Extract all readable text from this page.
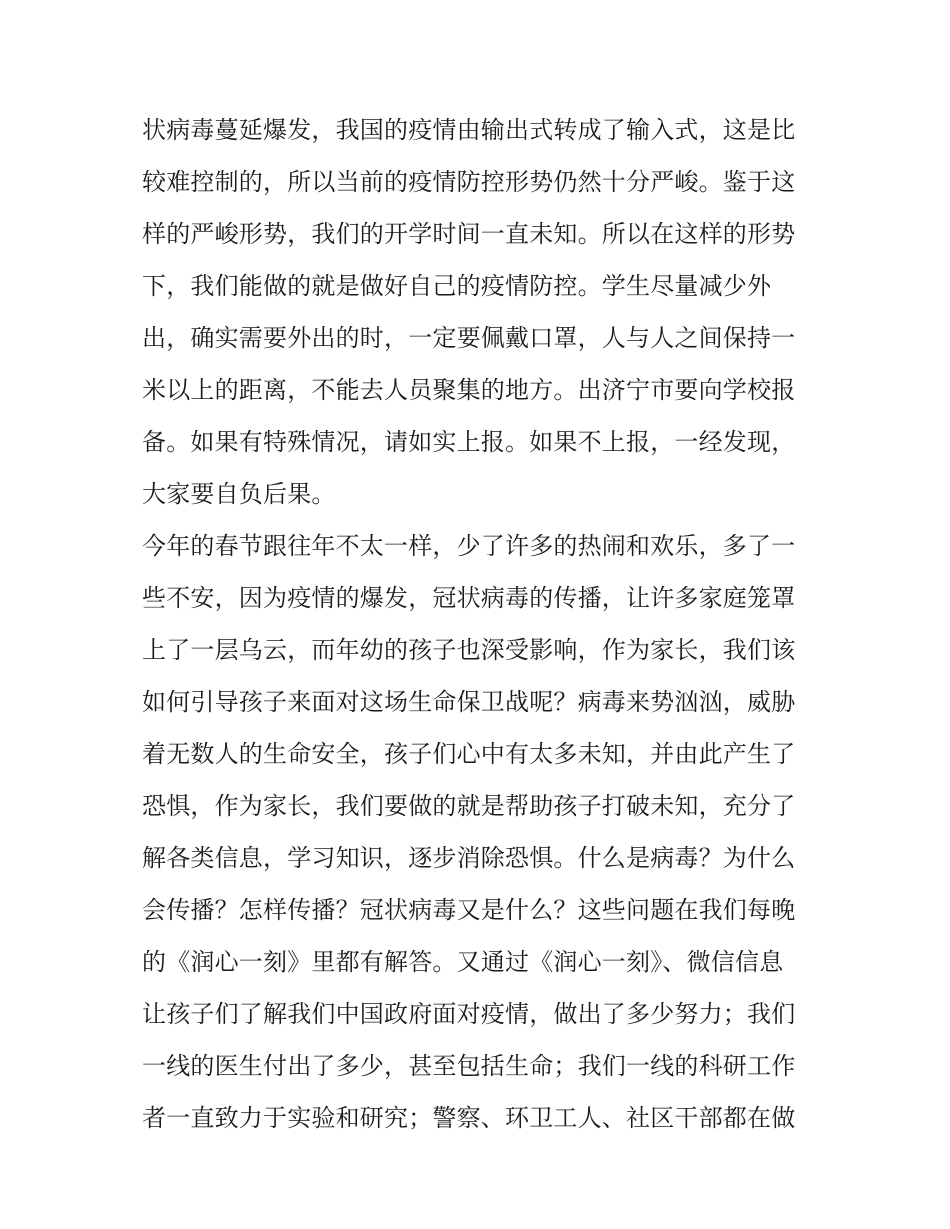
状病毒蔓延爆发，我国的疫情由输出式转成了输入式，这是比
较难控制的，所以当前的疫情防控形势仍然十分严峻。鉴于这
样的严峻形势，我们的开学时间一直未知。所以在这样的形势
下，我们能做的就是做好自己的疫情防控。学生尽量减少外
出，确实需要外出的时，一定要佩戴口罩，人与人之间保持一
米以上的距离，不能去人员聚集的地方。出济宁市要向学校报
备。如果有特殊情况，请如实上报。如果不上报，一经发现，
大家要自负后果。
今年的春节跟往年不太一样，少了许多的热闹和欢乐，多了一
些不安，因为疫情的爆发，冠状病毒的传播，让许多家庭笼罩
上了一层乌云，而年幼的孩子也深受影响，作为家长，我们该
如何引导孩子来面对这场生命保卫战呢？病毒来势汹汹，威胁
着无数人的生命安全，孩子们心中有太多未知，并由此产生了
恐惧，作为家长，我们要做的就是帮助孩子打破未知，充分了
解各类信息，学习知识，逐步消除恐惧。什么是病毒？为什么
会传播？怎样传播？冠状病毒又是什么？这些问题在我们每晚
的《润心一刻》里都有解答。又通过《润心一刻》、微信信息
让孩子们了解我们中国政府面对疫情，做出了多少努力；我们
一线的医生付出了多少，甚至包括生命；我们一线的科研工作
者一直致力于实验和研究；警察、环卫工人、社区干部都在做
